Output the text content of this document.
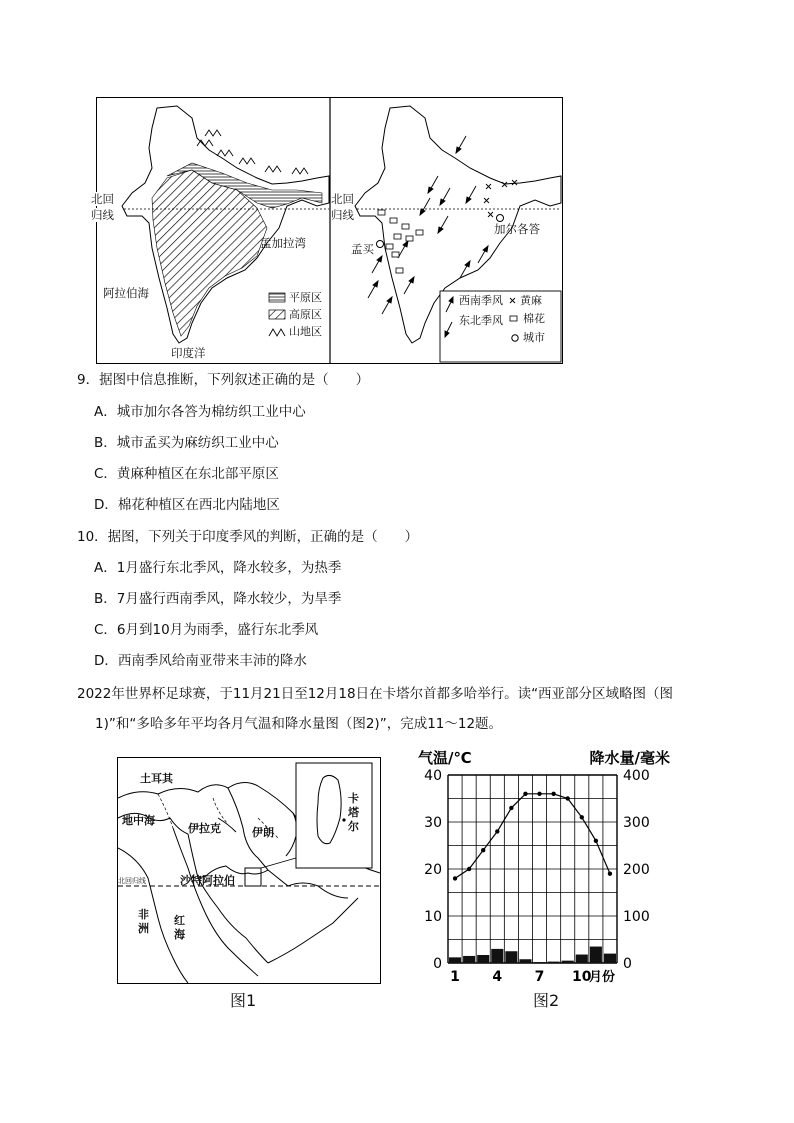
北回
归线
孟加拉湾
阿拉伯海
印度洋
平原区
高原区
山地区
北回
归线
加尔各答
孟买
西南季风
东北季风
黄麻
棉花
城市
9．据图中信息推断，下列叙述正确的是（　　）
A．城市加尔各答为棉纺织工业中心
B．城市孟买为麻纺织工业中心
C．黄麻种植区在东北部平原区
D．棉花种植区在西北内陆地区
10．据图，下列关于印度季风的判断，正确的是（　　）
A．1月盛行东北季风，降水较多，为热季
B．7月盛行西南季风，降水较少，为旱季
C．6月到10月为雨季，盛行东北季风
D．西南季风给南亚带来丰沛的降水
2022年世界杯足球赛，于11月21日至12月18日在卡塔尔首都多哈举行。读“西亚部分区域略图（图
1)”和“多哈多年平均各月气温和降水量图（图2)”，完成11～12题。
土耳其
地中海
伊拉克	伊朗
沙特阿拉伯
北回归线
非洲
红海
卡塔尔
图1
0
10
20
30
40
0
100
200
300
400
1 4 7 10
气温/℃	降水量/毫米
月份
图2
